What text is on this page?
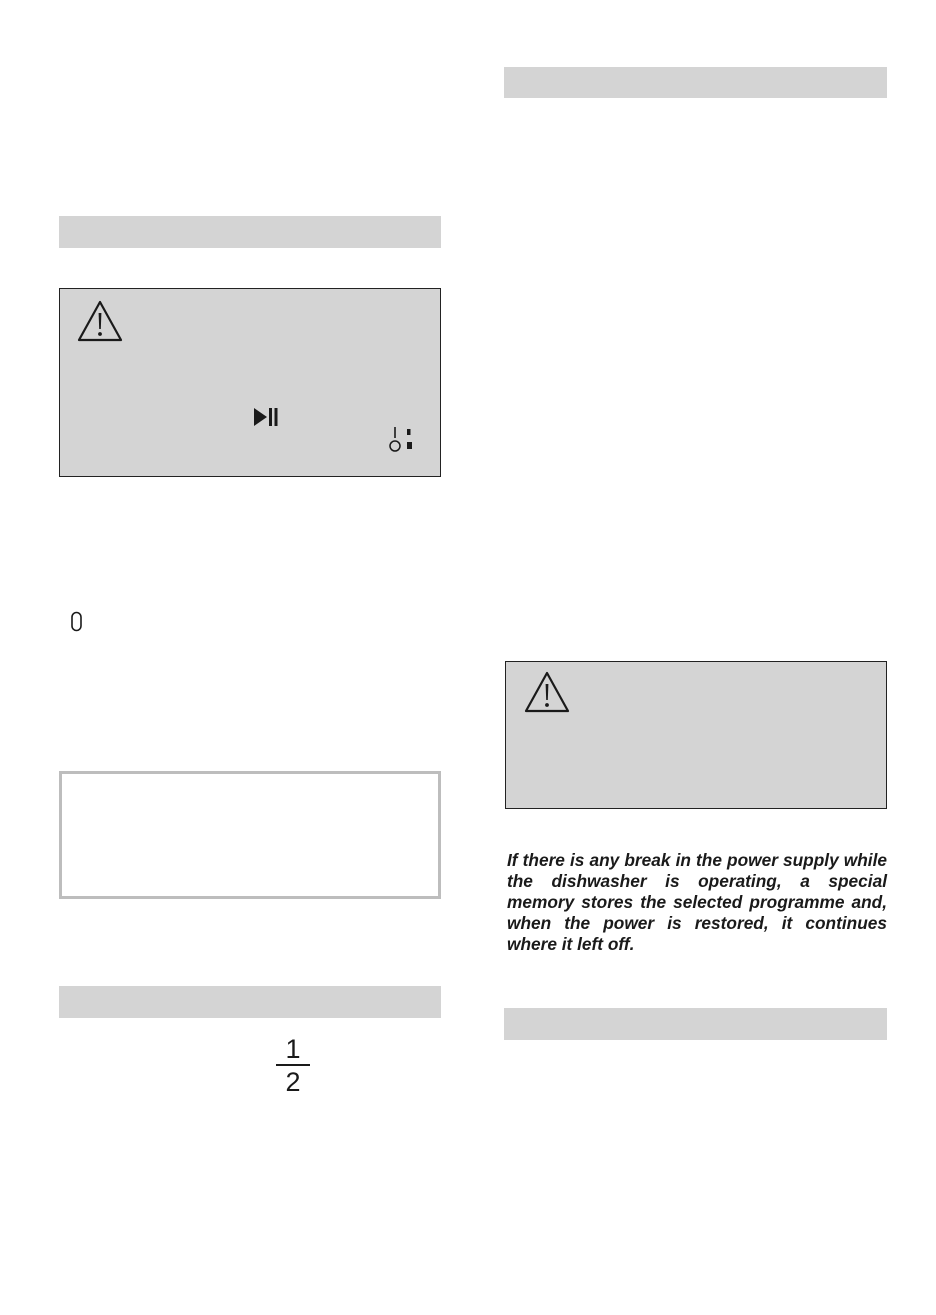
1
2

If there is any break in the power supply while the dishwasher is operating, a special memory stores the selected programme and, when the power is restored, it continues where it left off.
